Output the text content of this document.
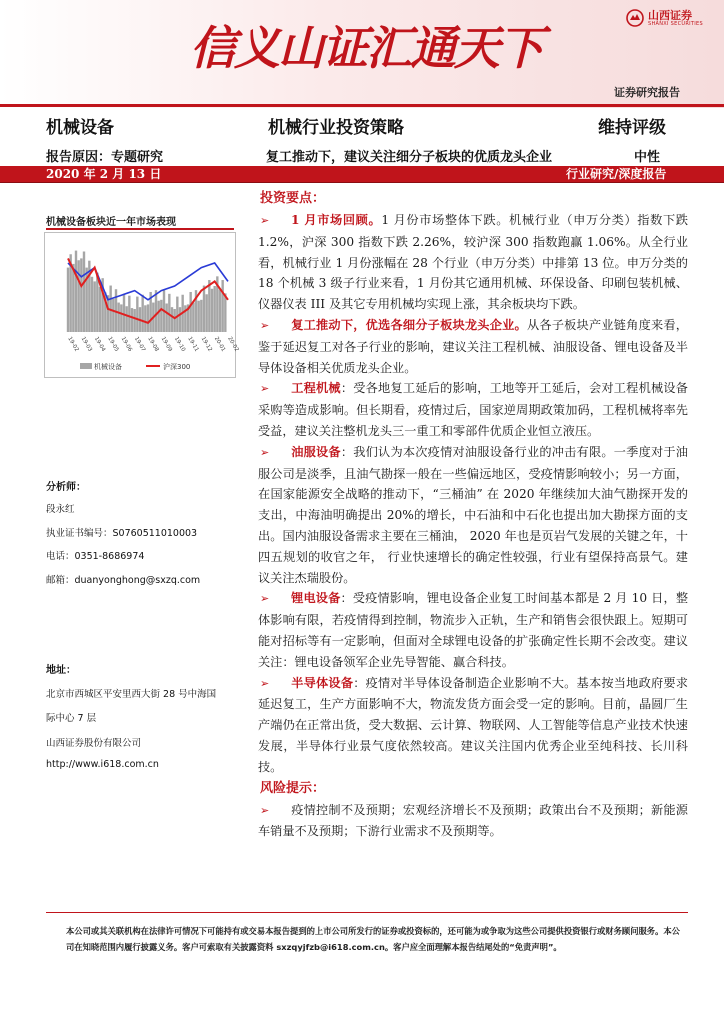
信义山证汇通天下
山西证券
SHANXI SECURITIES
证券研究报告
机械设备	机械行业投资策略	维持评级
报告原因：专题研究	复工推动下，建议关注细分子板块的优质龙头企业	中性
2020 年 2 月 13 日	行业研究/深度报告
机械设备板块近一年市场表现
19-02 19-03 19-04 19-05 19-06 19-07 19-08 19-09 19-10 19-11 19-12 20-01 20-02
机械设备	沪深300
分析师：
段永红
执业证书编号：S0760511010003
电话：0351-8686974
邮箱：duanyonghong@sxzq.com
地址：
北京市西城区平安里西大街 28 号中海国
际中心 7 层
山西证券股份有限公司
http://www.i618.com.cn
投资要点：

➢ 1 月市场回顾。1 月份市场整体下跌。机械行业（申万分类）指数下跌 1.2%，沪深 300 指数下跌 2.26%，较沪深 300 指数跑赢 1.06%。从全行业看，机械行业 1 月份涨幅在 28 个行业（申万分类）中排第 13 位。申万分类的 18 个机械 3 级子行业来看，1 月份其它通用机械、环保设备、印刷包装机械、仪器仪表 III 及其它专用机械均实现上涨，其余板块均下跌。

➢ 复工推动下，优选各细分子板块龙头企业。从各子板块产业链角度来看，鉴于延迟复工对各子行业的影响，建议关注工程机械、油服设备、锂电设备及半导体设备相关优质龙头企业。

➢ 工程机械：受各地复工延后的影响，工地等开工延后，会对工程机械设备采购等造成影响。但长期看，疫情过后，国家逆周期政策加码，工程机械将率先受益，建议关注整机龙头三一重工和零部件优质企业恒立液压。

➢ 油服设备：我们认为本次疫情对油服设备行业的冲击有限。一季度对于油服公司是淡季，且油气勘探一般在一些偏远地区，受疫情影响较小；另一方面，在国家能源安全战略的推动下，“三桶油” 在 2020 年继续加大油气勘探开发的支出，中海油明确提出 20%的增长，中石油和中石化也提出加大勘探方面的支出。国内油服设备需求主要在三桶油， 2020 年也是页岩气发展的关键之年，十四五规划的收官之年， 行业快速增长的确定性较强，行业有望保持高景气。建议关注杰瑞股份。

➢ 锂电设备：受疫情影响，锂电设备企业复工时间基本都是 2 月 10 日，整体影响有限，若疫情得到控制，物流步入正轨，生产和销售会很快跟上。短期可能对招标等有一定影响，但面对全球锂电设备的扩张确定性长期不会改变。建议关注：锂电设备领军企业先导智能、赢合科技。

➢ 半导体设备：疫情对半导体设备制造企业影响不大。基本按当地政府要求延迟复工，生产方面影响不大，物流发货方面会受一定的影响。目前，晶圆厂生产端仍在正常出货，受大数据、云计算、物联网、人工智能等信息产业技术快速发展，半导体行业景气度依然较高。建议关注国内优秀企业至纯科技、长川科技。

风险提示：

➢ 疫情控制不及预期；宏观经济增长不及预期；政策出台不及预期；新能源车销量不及预期；下游行业需求不及预期等。

本公司或其关联机构在法律许可情况下可能持有或交易本报告提到的上市公司所发行的证券或投资标的，还可能为或争取为这些公司提供投资银行或财务顾问服务。本公司在知晓范围内履行披露义务。客户可索取有关披露资料 sxzqyjfzb@i618.com.cn。客户应全面理解本报告结尾处的“免责声明”。
